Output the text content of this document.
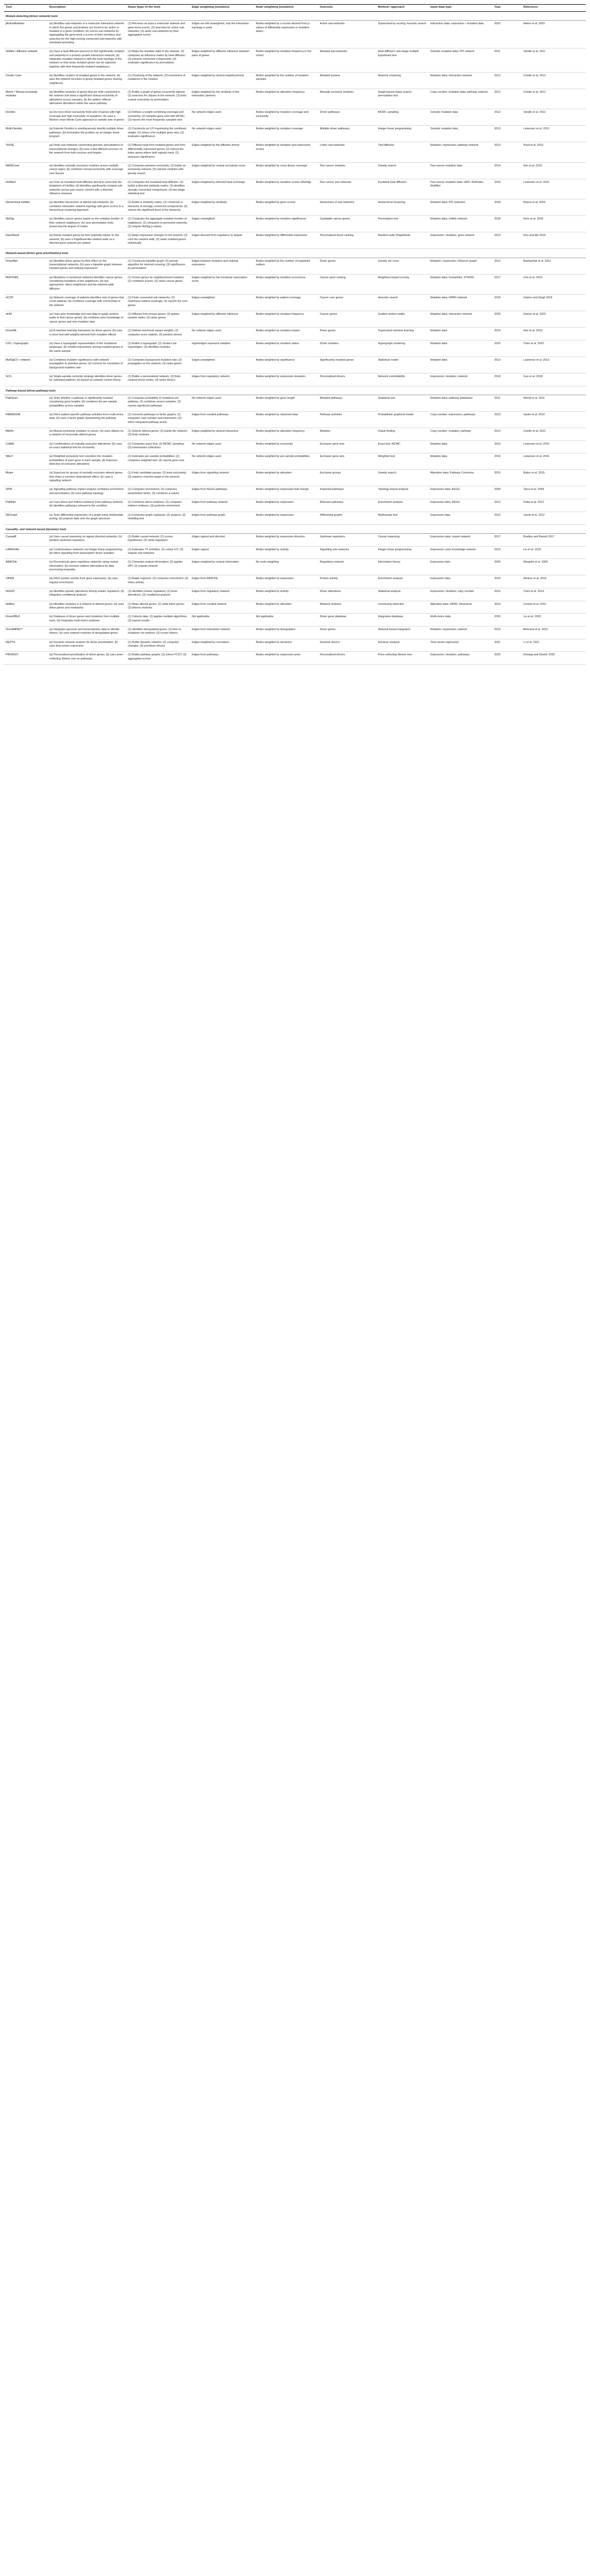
Tool	Description	Steps (type of the tool)	Edge weighting (mutation)	Node weighting (mutation)	Outcome	Method / approach	Input data type	Year	Reference
Module-detecting (driver network) tools									
jActiveModules	(a) Identifies sub-networks of a molecular interaction network in which the genes and proteins are found to be active or mutated in a given condition; (b) scores sub-networks by aggregating the gene-level z-scores of their members and searches for the high-scoring connected sub-networks with simulated annealing	(1) Receives as input a molecular network and gene-level scores; (2) searches for active sub-networks; (3) ranks sub-networks by their aggregated scores	Edges are left unweighted; only the interaction topology is used	Nodes weighted by z-scores derived from p-values of differential expression or mutation status	Active sub-networks	Supervised by scoring; heuristic search	Interaction data; expression / mutation data	2002	Ideker et al. 2002
HotNet / diffusion network	(a) Uses a heat diffusion process to find significantly mutated sub-networks in a protein–protein interaction network; (b) integrates mutation frequency with the local topology of the network so that rarely mutated genes can be captured together with their frequently mutated neighbours	(1) Maps the mutation data to the network; (2) computes an influence matrix by heat diffusion; (3) extracts connected components; (4) evaluates significance by permutation	Edges weighted by diffusion influence between pairs of genes	Nodes weighted by mutation frequency in the cohort	Mutated sub-networks	Heat diffusion; two-stage multiple hypothesis test	Somatic mutation data; PPI network	2011	Vandin et al. 2011
Cluster Care	(a) Identifies clusters of mutated genes in the network; (b) uses the network structure to group mutated genes sharing neighbours	(1) Clustering of the network; (2) enrichment of mutations in the clusters	Edges weighted by shared neighbourhood	Nodes weighted by the number of mutated samples	Mutated clusters	Network clustering	Mutation data; interaction network	2012	Ciriello et al. 2012
Memo / Mutual exclusivity modules	(a) Identifies modules of genes that are both connected in the network and show a significant mutual exclusivity of alterations across samples; (b) the pattern reflects alternative alterations within the same pathway	(1) Builds a graph of genes recurrently altered; (2) searches for cliques in the network; (3) tests mutual exclusivity by permutation	Edges weighted by the similarity of the interaction partners	Nodes weighted by alteration frequency	Mutually exclusive modules	Graph-based clique search; permutation test	Copy number; mutation data; pathway network	2012	Ciriello et al. 2012
Dendrix	(a) De novo driver exclusivity finds sets of genes with high coverage and high exclusivity of mutations; (b) uses a Markov chain Monte Carlo approach to sample sets of genes	(1) Defines a weight combining coverage and exclusivity; (2) samples gene sets with MCMC; (3) reports the most frequently sampled sets	No network edges used	Nodes weighted by mutation coverage and exclusivity	Driver pathways	MCMC sampling	Somatic mutation data	2012	Vandin et al. 2012
Multi-Dendrix	(a) Extends Dendrix to simultaneously identify multiple driver pathways; (b) formulates the problem as an integer linear program	(1) Constructs an ILP maximizing the combined weight; (2) solves it for multiple gene sets; (3) evaluates significance	No network edges used	Nodes weighted by mutation coverage	Multiple driver pathways	Integer linear programming	Somatic mutation data	2013	Leiserson et al. 2013
TieDIE	(a) Finds sub-networks connecting genomic perturbations to transcriptional changes; (b) uses a tied diffusion process on the network from both sources and targets	(1) Diffuses heat from mutated genes and from differentially expressed genes; (2) selects the linker genes where both signals meet; (3) assesses significance	Edges weighted by the diffusion kernel	Nodes weighted by mutation and expression scores	Linker sub-networks	Tied diffusion	Mutation; expression; pathway network	2013	Paull et al. 2013
MEMCover	(a) Identifies mutually exclusive modules across multiple cancer types; (b) combines mutual exclusivity with coverage over tissues	(1) Computes pairwise exclusivity; (2) builds an exclusivity network; (3) extracts modules with greedy search	Edges weighted by mutual exclusivity score	Nodes weighted by cross-tissue coverage	Pan-cancer modules	Greedy search	Pan-cancer mutation data	2014	Kim et al. 2015
HotNet2	(a) Uses an insulated heat diffusion kernel to overcome the limitations of HotNet; (b) identifies significantly mutated sub-networks across pan-cancer cohorts with a directed influence measure	(1) Computes the insulated heat diffusion; (2) builds a directed similarity matrix; (3) identifies strongly connected components; (4) two-stage statistical test	Edges weighted by directed heat exchange	Nodes weighted by mutation scores (MutSig)	Pan-cancer sub-networks	Insulated heat diffusion	Pan-cancer mutation data; HINT, iRefIndex, MultiNet	2015	Leiserson et al. 2015
Hierarchical HotNet	(a) Identifies hierarchies of altered sub-networks; (b) combines interaction network topology with gene scores in a hierarchical clustering approach	(1) Builds a similarity matrix; (2) constructs a hierarchy of strongly connected components; (3) selects the significant level of the hierarchy	Edges weighted by similarity	Nodes weighted by gene scores	Hierarchies of sub-networks	Hierarchical clustering	Mutation data; PPI networks	2018	Reyna et al. 2018
NetSig	(a) Identifies cancer genes based on the mutation burden of their network neighbours; (b) uses permutation tests preserving the degree of nodes	(1) Computes the aggregate mutation burden of neighbours; (2) compares to permuted networks; (3) outputs NetSig p-values	Edges unweighted	Nodes weighted by mutation significance	Candidate cancer genes	Permutation test	Mutation data; InWeb network	2018	Horn et al. 2018
DawnRank	(a) Ranks mutated genes by their potential impact on the network; (b) uses a PageRank-like random walk on a directed gene network per patient	(1) Maps expression changes to the network; (2) runs the random walk; (3) ranks mutated genes individually	Edges directed from regulators to targets	Nodes weighted by differential expression	Personalized driver ranking	Random walk (PageRank)	Expression; mutation; gene network	2014	Hou and Ma 2014
Network-based (driver-gene prioritization) tools									
DriverNet	(a) Identifies driver genes by their effect on the transcriptional networks; (b) uses a bipartite graph between mutated genes and outlying expression	(1) Constructs bipartite graph; (2) greedy algorithm for minimal covering; (3) significance by permutation	Edges between mutation and outlying expression	Nodes weighted by the number of explained outliers	Driver genes	Greedy set cover	Mutation; expression; influence graph	2012	Bashashati et al. 2012
MUFFINN	(a) Mutations in functional networks identifies cancer genes considering mutations of the neighbours; (b) two approaches: direct neighbours and the network-wide diffusion	(1) Scores genes by neighbourhood mutation; (2) combines scores; (3) ranks cancer genes	Edges weighted by the functional association score	Nodes weighted by mutation occurrence	Cancer gene ranking	Neighbour-based scoring	Mutation data; HumanNet, STRING	2017	Cho et al. 2016
nCOP	(a) Network coverage of patients identifies sets of genes that cover patients; (b) combines coverage with connectivity in the network	(1) Finds connected sub-networks; (2) maximizes patient coverage; (3) reports the core genes	Edges unweighted	Nodes weighted by patient coverage	Cancer core genes	Heuristic search	Mutation data; HPRD network	2018	Hristov and Singh 2018
uKIN	(a) Uses prior knowledge and new data to guide random walks to find cancer genes; (b) combines prior knowledge of cancer genes and new mutation data	(1) Diffuses from known genes; (2) guides random walks; (3) ranks genes	Edges weighted by diffusion influence	Nodes weighted by mutation frequency	Cancer genes	Guided random walks	Mutation data; interaction network	2020	Hristov et al. 2020
DriverML	(a) A machine learning framework for driver genes; (b) uses a score test with weights derived from mutation effects	(1) Defines functional impact weights; (2) computes score statistic; (3) predicts drivers	No network edges used	Nodes weighted by mutation impact	Driver genes	Supervised machine learning	Mutation data	2019	Han et al. 2019
CGC / hypergraph	(a) Uses a hypergraph representation of the mutational landscape; (b) models interactions among mutated genes in the same sample	(1) Builds a hypergraph; (2) clusters the hyperedges; (3) identifies modules	Hyperedges represent samples	Nodes weighted by mutation status	Driver modules	Hypergraph clustering	Mutation data	2020	Chen et al. 2020
MutSigCV / network	(a) Combines mutation significance with network propagation to prioritize genes; (b) corrects for covariates of background mutation rate	(1) Computes background mutation rate; (2) propagates on the network; (3) ranks genes	Edges unweighted	Nodes weighted by significance	Significantly mutated genes	Statistical model	Mutation data	2013	Lawrence et al. 2013
SCS	(a) Single-sample controller strategy identifies driver genes for individual patients; (b) based on network control theory	(1) Builds a personalized network; (2) finds minimal driver nodes; (3) ranks drivers	Edges from regulatory network	Nodes weighted by expression deviation	Personalized drivers	Network controllability	Expression; mutation; network	2018	Guo et al. 2018
Pathway-based (driver-pathway) tools									
PathScan	(a) Tests whether a pathway is significantly mutated considering gene lengths; (b) combines the per-sample probabilities across samples	(1) Computes probability of mutations per pathway; (2) combines across samples; (3) reports significant pathways	No network edges used	Nodes weighted by gene length	Mutated pathways	Statistical test	Mutation data; pathway databases	2011	Wendl et al. 2011
PARADIGM	(a) Infers patient-specific pathway activities from multi-omics data; (b) uses a factor graph representing the pathway	(1) Converts pathways to factor graphs; (2) integrates copy number and expression; (3) infers integrated pathway levels	Edges from curated pathways	Nodes weighted by observed data	Pathway activities	Probabilistic graphical model	Copy number; expression; pathways	2010	Vaske et al. 2010
MEMo	(a) Mutual exclusivity modules in cancer; (b) uses cliques on a network of recurrently altered genes	(1) Selects altered genes; (2) builds the network; (3) finds modules	Edges weighted by shared interactors	Nodes weighted by alteration frequency	Modules	Clique finding	Copy number; mutation; pathway	2012	Ciriello et al. 2012
CoMEt	(a) Combinations of mutually exclusive alterations; (b) uses an exact statistical test for exclusivity	(1) Computes exact test; (2) MCMC sampling; (3) summarizes collections	No network edges used	Nodes weighted by exclusivity	Exclusive gene sets	Exact test; MCMC	Mutation data	2015	Leiserson et al. 2015
WExT	(a) Weighted exclusivity test considers the mutation probabilities of each gene in each sample; (b) improves detection of exclusive alterations	(1) Estimates per-sample probabilities; (2) computes weighted test; (3) reports gene sets	No network edges used	Nodes weighted by per-sample probabilities	Exclusive gene sets	Weighted test	Mutation data	2016	Leiserson et al. 2016
Mutex	(a) Searches for groups of mutually exclusive altered genes that share a common downstream effect; (b) uses a signalling network	(1) Finds candidate groups; (2) tests exclusivity; (3) requires common target in the network	Edges from signalling network	Nodes weighted by alteration	Exclusive groups	Greedy search	Alteration data; Pathway Commons	2015	Babur et al. 2015
SPIA	(a) Signalling pathway impact analysis combines enrichment and perturbation; (b) uses pathway topology	(1) Computes enrichment; (2) computes perturbation factor; (3) combines p-values	Edges from KEGG pathways	Nodes weighted by expression fold change	Impacted pathways	Topology-based analysis	Expression data; KEGG	2009	Tarca et al. 2009
PathNet	(a) Uses direct and indirect evidence from pathway network; (b) identifies pathways relevant to the condition	(1) Combines direct evidence; (2) computes indirect evidence; (3) performs enrichment	Edges from pathway network	Nodes weighted by expression	Relevant pathways	Enrichment analysis	Expression data; KEGG	2012	Dutta et al. 2012
DEGraph	(a) Tests differential expression of a graph using multivariate testing; (b) projects data onto the graph spectrum	(1) Computes graph Laplacian; (2) projects; (3) Hotelling test	Edges from pathway graph	Nodes weighted by expression	Differential graphs	Multivariate test	Expression data	2012	Jacob et al. 2012
Causality- and network-based (dynamic) tools									
CausalR	(a) Uses causal reasoning on signed directed networks; (b) predicts upstream regulators	(1) Builds causal network; (2) scores hypotheses; (3) ranks regulators	Edges signed and directed	Nodes weighted by expression direction	Upstream regulators	Causal reasoning	Expression data; causal network	2017	Bradley and Barrett 2017
CARNIVAL	(a) Contextualises networks via integer linear programming; (b) infers signalling from transcription factor activities	(1) Estimates TF activities; (2) solves ILP; (3) outputs sub-networks	Edges signed	Nodes weighted by activity	Signalling sub-networks	Integer linear programming	Expression; prior knowledge network	2019	Liu et al. 2019
ARACNe	(a) Reconstructs gene regulatory networks using mutual information; (b) removes indirect interactions by data processing inequality	(1) Computes mutual information; (2) applies DPI; (3) outputs network	Edges weighted by mutual information	No node weighting	Regulatory network	Information theory	Expression data	2006	Margolin et al. 2006
VIPER	(a) Infers protein activity from gene expression; (b) uses regulon enrichment	(1) Builds regulons; (2) computes enrichment; (3) infers activity	Edges from ARACNe	Nodes weighted by expression	Protein activity	Enrichment analysis	Expression data	2016	Alvarez et al. 2016
DIGGIT	(a) Identifies genetic alterations driving master regulators; (b) integrates conditional analysis	(1) Identifies master regulators; (2) tests alterations; (3) conditional analysis	Edges from regulatory network	Nodes weighted by activity	Driver alterations	Statistical analysis	Expression; mutation; copy number	2015	Chen et al. 2014
NetBox	(a) Identifies modules in a network of altered genes; (b) uses linker genes and modularity	(1) Maps altered genes; (2) adds linker genes; (3) detects modules	Edges from curated network	Nodes weighted by alteration	Network modules	Community detection	Alteration data; HPRD, Reactome	2010	Cerami et al. 2010
DriverDBv3	(a) Database of driver genes and mutations from multiple tools; (b) integrates multi-omics analyses	(1) Collects data; (2) applies multiple algorithms; (3) reports results	Not applicable	Not applicable	Driver gene database	Integrative database	Multi-omics data	2020	Liu et al. 2020
OncoIMPACT	(a) Integrates genomic and transcriptomic data to identify drivers; (b) uses network modules of deregulated genes	(1) Identifies deregulated genes; (2) links to mutations via network; (3) scores drivers	Edges from interaction network	Nodes weighted by deregulation	Driver genes	Network-based integration	Mutation; expression; network	2016	Bertrand et al. 2015
DEPTH	(a) Dynamic network analysis for driver prioritization; (b) uses time-series expression	(1) Builds dynamic network; (2) computes changes; (3) prioritizes drivers	Edges weighted by correlation	Nodes weighted by dynamics	Dynamic drivers	Dynamic analysis	Time-series expression	2021	Li et al. 2021
PRODIGY	(a) Personalized prioritization of driver genes; (b) uses prize-collecting Steiner tree on pathways	(1) Builds pathway graphs; (2) solves PCST; (3) aggregates scores	Edges from pathways	Nodes weighted by expression prize	Personalized drivers	Prize-collecting Steiner tree	Expression; mutation; pathways	2020	Dinstag and Shamir 2020
